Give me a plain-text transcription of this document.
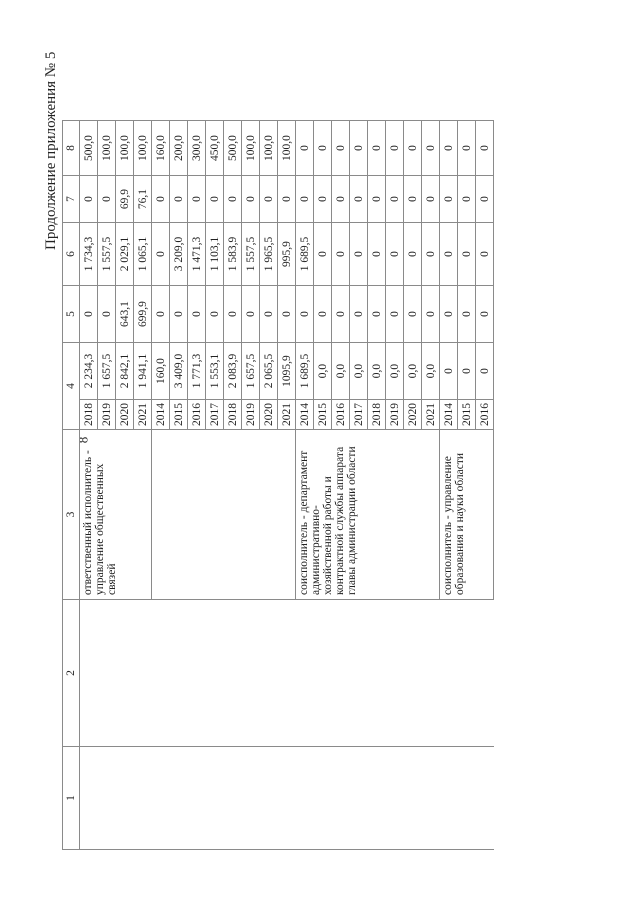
8
Продолжение приложения № 5
1	2	3	4		5	6	7	8
		ответственный исполнитель - управление общественных связей	2018	2 234,3	0	1 734,3	0	500,0
			2019	1 657,5	0	1 557,5	0	100,0
			2020	2 842,1	643,1	2 029,1	69,9	100,0
			2021	1 941,1	699,9	1 065,1	76,1	100,0
			2014	160,0	0	0	0	160,0
			2015	3 409,0	0	3 209,0	0	200,0
			2016	1 771,3	0	1 471,3	0	300,0
			2017	1 553,1	0	1 103,1	0	450,0
			2018	2 083,9	0	1 583,9	0	500,0
			2019	1 657,5	0	1 557,5	0	100,0
			2020	2 065,5	0	1 965,5	0	100,0
			2021	1095,9	0	995,9	0	100,0
		соисполнитель - департамент административно-хозяйственной работы и контрактной службы аппарата главы администрации области	2014	1 689,5	0	1 689,5	0	0
			2015	0,0	0	0	0	0
			2016	0,0	0	0	0	0
			2017	0,0	0	0	0	0
			2018	0,0	0	0	0	0
			2019	0,0	0	0	0	0
			2020	0,0	0	0	0	0
			2021	0,0	0	0	0	0
		соисполнитель - управление образования и науки области	2014	0	0	0	0	0
			2015	0	0	0	0	0
			2016	0	0	0	0	0
